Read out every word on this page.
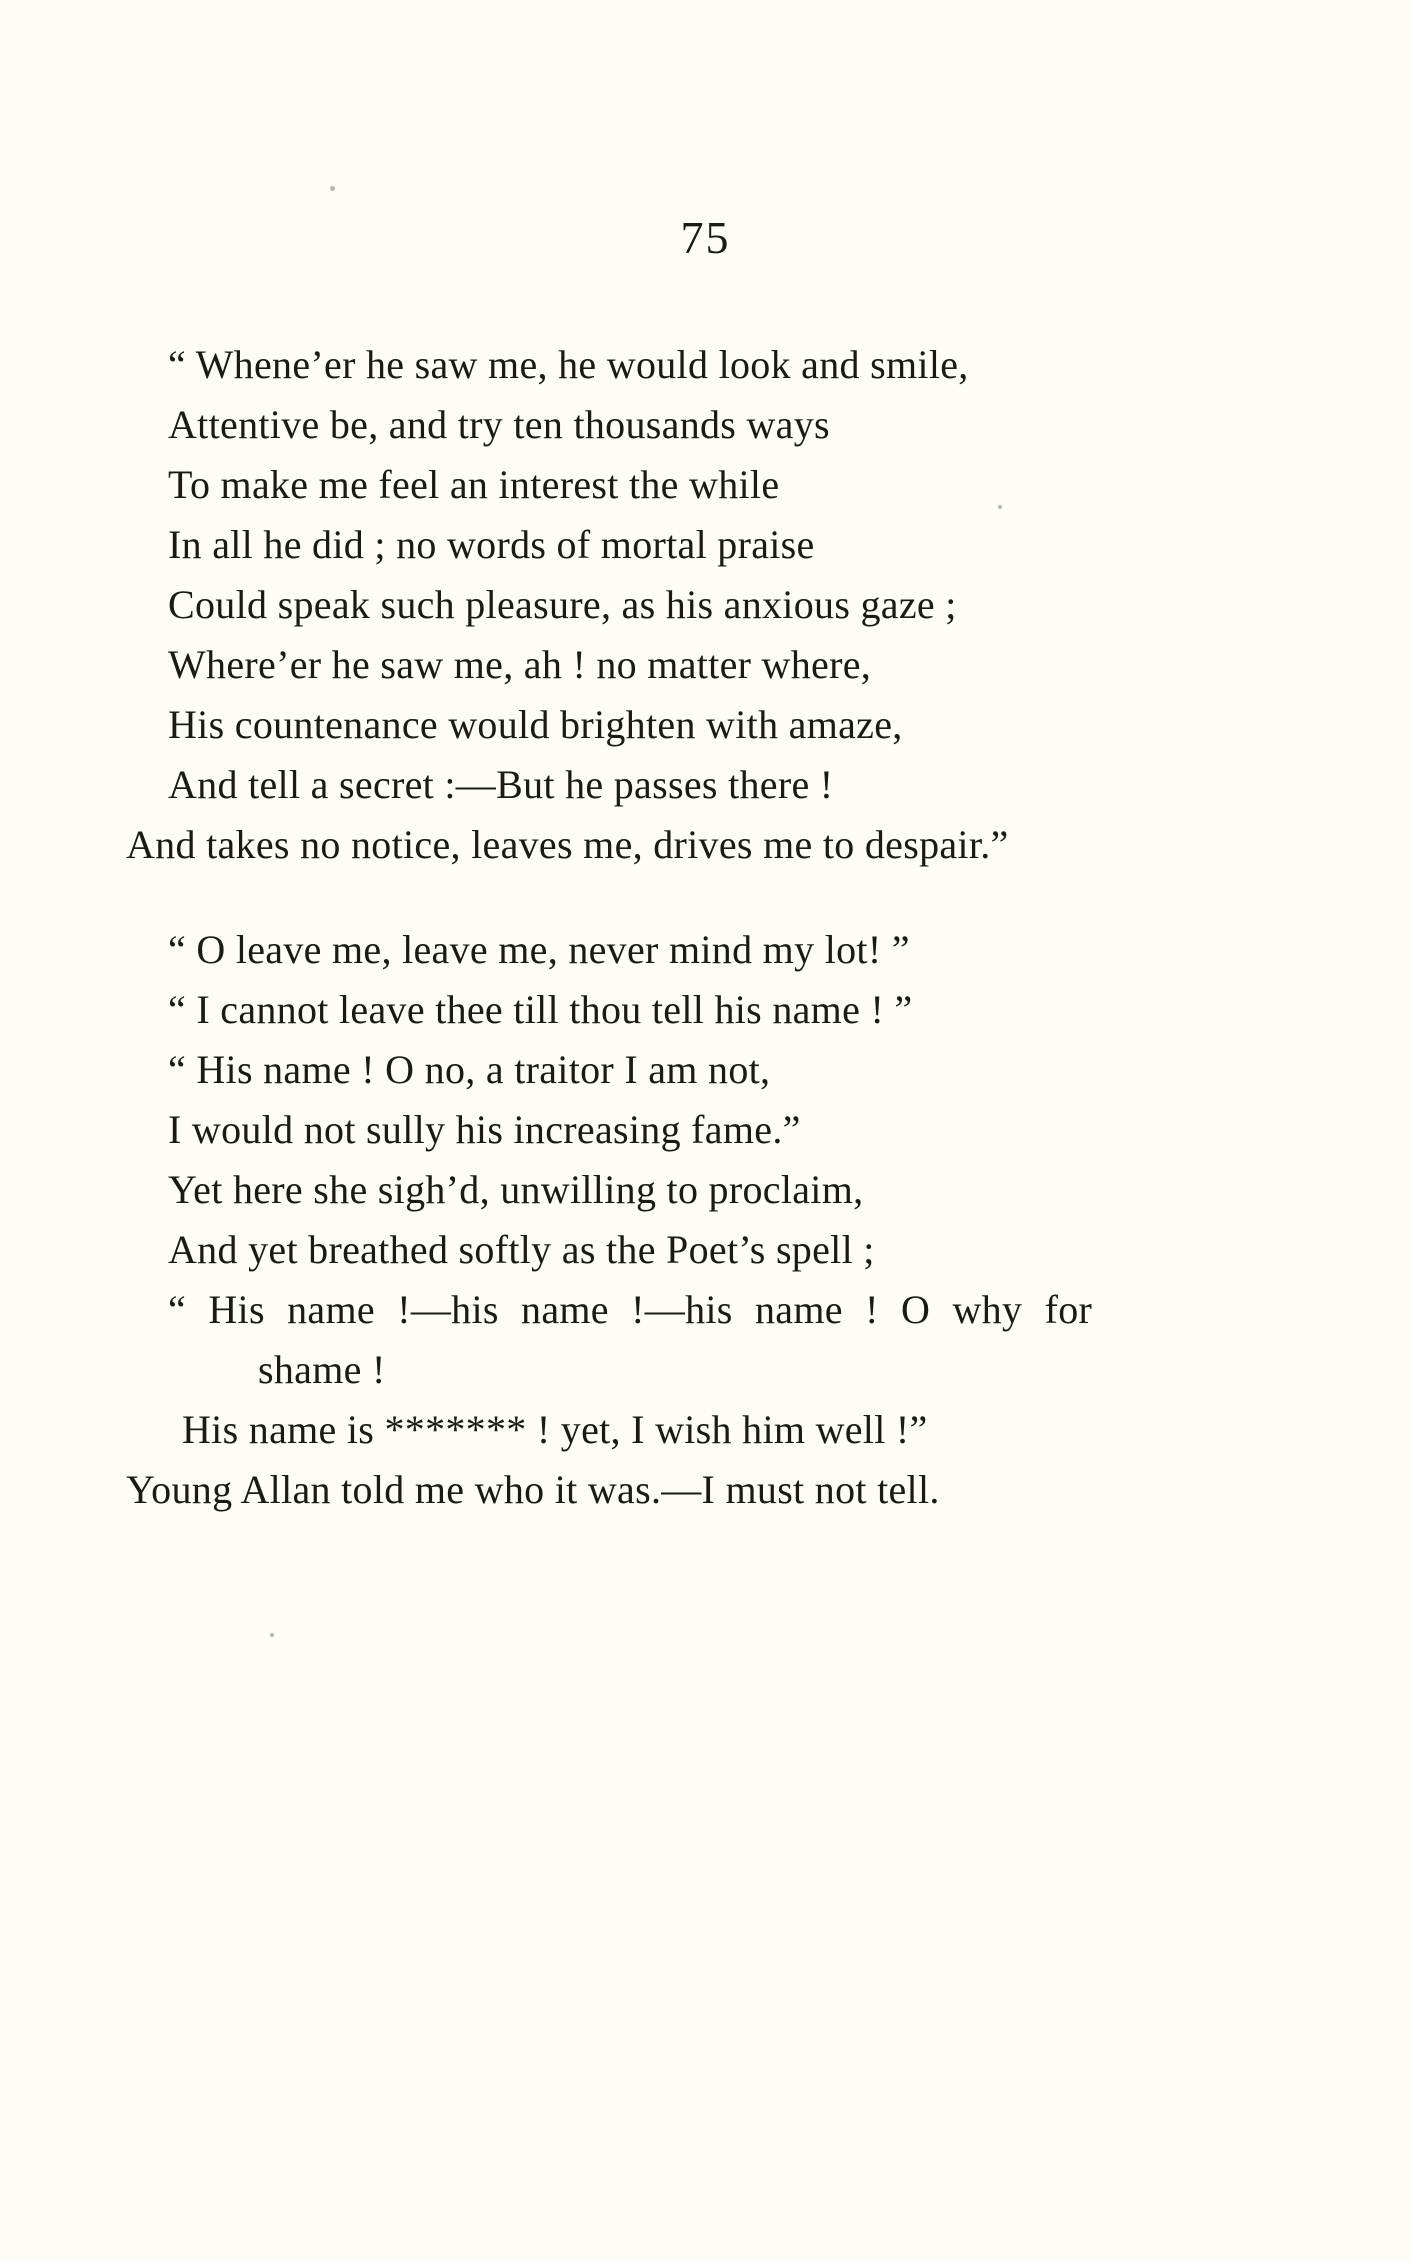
75
“ Whene’er he saw me, he would look and smile,
Attentive be, and try ten thousands ways
To make me feel an interest the while
In all he did ; no words of mortal praise
Could speak such pleasure, as his anxious gaze ;
Where’er he saw me, ah ! no matter where,
His countenance would brighten with amaze,
And tell a secret :—But he passes there !
And takes no notice, leaves me, drives me to despair.”
“ O leave me, leave me, never mind my lot! ”
“ I cannot leave thee till thou tell his name ! ”
“ His name ! O no, a traitor I am not,
I would not sully his increasing fame.”
Yet here she sigh’d, unwilling to proclaim,
And yet breathed softly as the Poet’s spell ;
“ His name !—his name !—his name ! O why for
shame !
His name is ******* ! yet, I wish him well !”
Young Allan told me who it was.—I must not tell.
